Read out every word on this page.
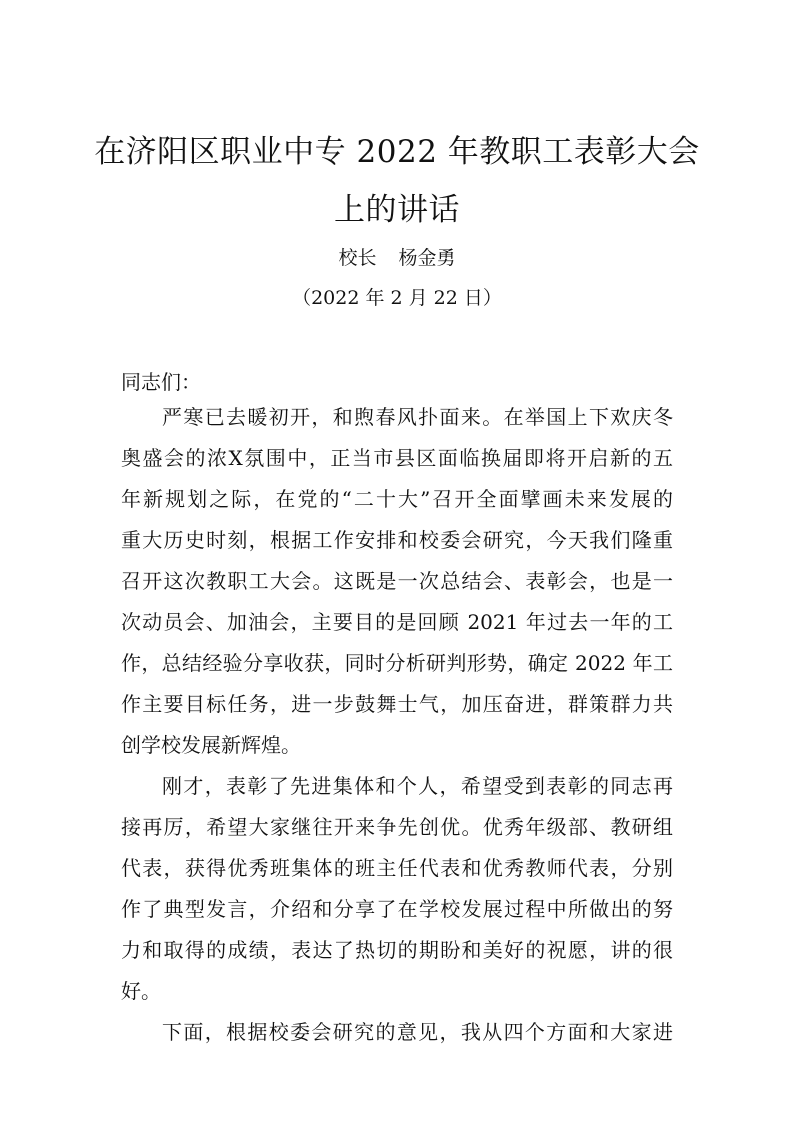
在济阳区职业中专 2022 年教职工表彰大会
上的讲话
校长 杨金勇
（2022 年 2 月 22 日）
同志们：
严寒已去暖初开，和煦春风扑面来。在举国上下欢庆冬
奥盛会的浓X氛围中，正当市县区面临换届即将开启新的五
年新规划之际，在党的“二十大”召开全面擘画未来发展的
重大历史时刻，根据工作安排和校委会研究，今天我们隆重
召开这次教职工大会。这既是一次总结会、表彰会，也是一
次动员会、加油会，主要目的是回顾 2021 年过去一年的工
作，总结经验分享收获，同时分析研判形势，确定 2022 年工
作主要目标任务，进一步鼓舞士气，加压奋进，群策群力共
创学校发展新辉煌。
刚才，表彰了先进集体和个人，希望受到表彰的同志再
接再厉，希望大家继往开来争先创优。优秀年级部、教研组
代表，获得优秀班集体的班主任代表和优秀教师代表，分别
作了典型发言，介绍和分享了在学校发展过程中所做出的努
力和取得的成绩，表达了热切的期盼和美好的祝愿，讲的很
好。
下面，根据校委会研究的意见，我从四个方面和大家进
